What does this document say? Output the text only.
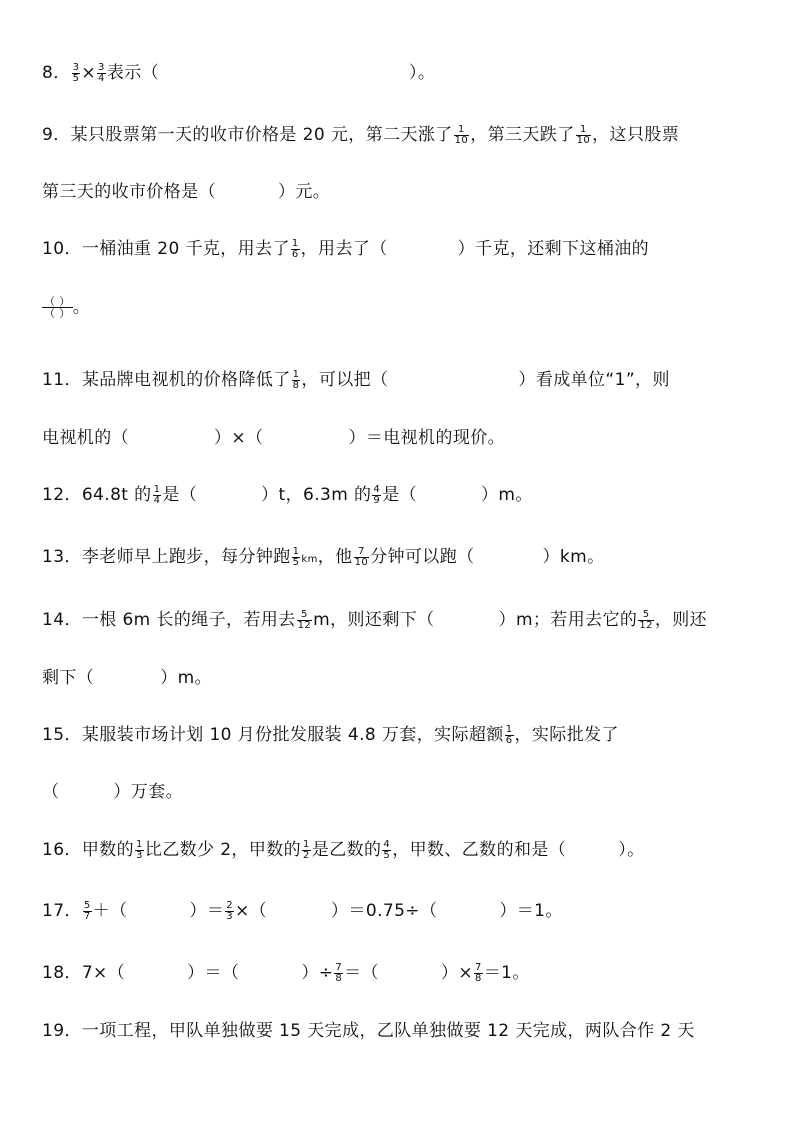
8． $\frac{3}{5} \times \frac{3}{4}$ 表示（	）。
9．某只股票第一天的收市价格是 20 元，第二天涨了 $\frac{1}{10}$ ，第三天跌了 $\frac{1}{10}$ ，这只股票
第三天的收市价格是（	）元。
10．一桶油重 20 千克，用去了 $\frac{1}{6}$ ，用去了（	）千克，还剩下这桶油的
$\frac{( )}{( )}$ 。
11．某品牌电视机的价格降低了 $\frac{1}{8}$ ，可以把（	）看成单位“1”，则
电视机的（	）×（	）＝电视机的现价。
12．64.8t 的 $\frac{1}{4}$ 是（	）t，6.3m 的 $\frac{4}{9}$ 是（	）m。
13．李老师早上跑步，每分钟跑 $\frac{1}{5}$ km，他 $\frac{7}{10}$ 分钟可以跑（	）km。
14．一根 6m 长的绳子，若用去 $\frac{5}{12}$ m，则还剩下（	）m；若用去它的 $\frac{5}{12}$ ，则还
剩下（	）m。
15．某服装市场计划 10 月份批发服装 4.8 万套，实际超额 $\frac{1}{6}$ ，实际批发了
（	）万套。
16．甲数的 $\frac{1}{3}$ 比乙数少 2，甲数的 $\frac{1}{2}$ 是乙数的 $\frac{4}{5}$ ，甲数、乙数的和是（	）。
17． $\frac{5}{7}$ ＋（	）＝ $\frac{2}{3}$ ×（	）＝0.75÷（	）＝1。
18．7×（	）＝（	）÷ $\frac{7}{8}$ ＝（	）× $\frac{7}{8} =1$。
19．一项工程，甲队单独做要 15 天完成，乙队单独做要 12 天完成，两队合作 2 天
